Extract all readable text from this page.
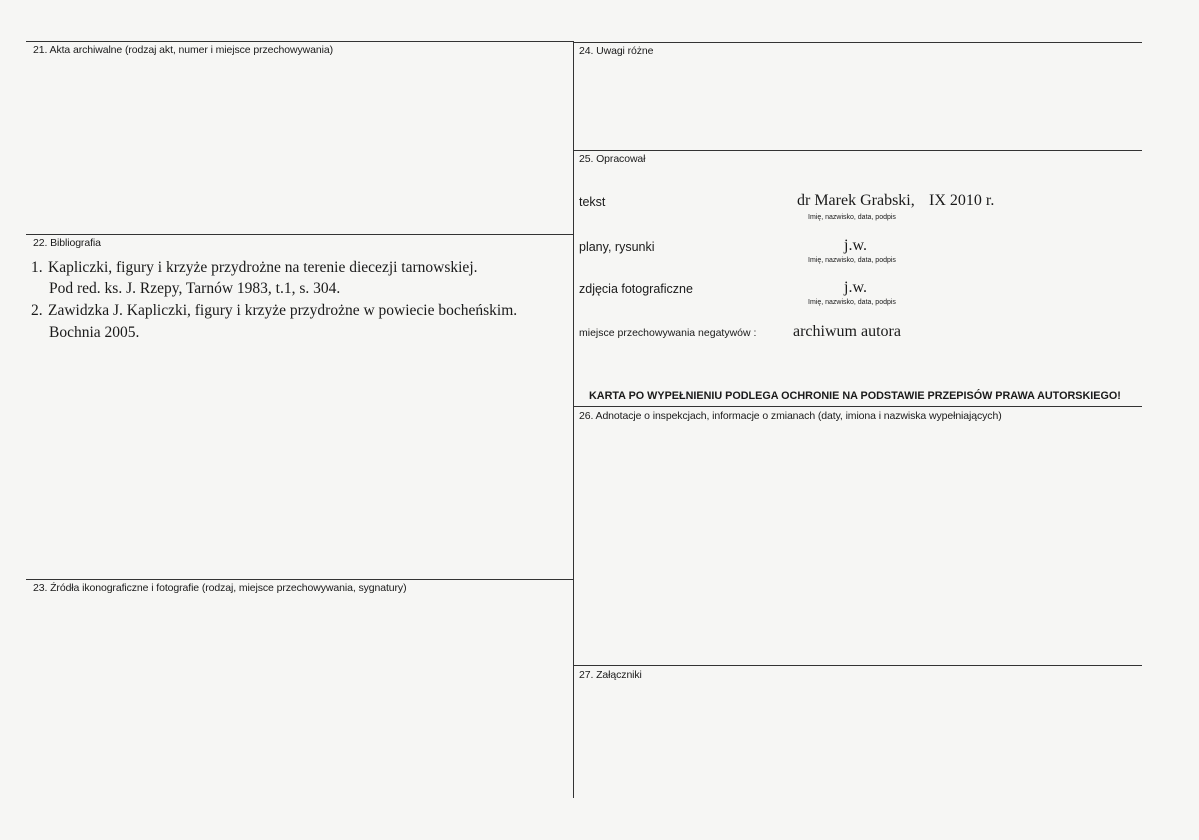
21. Akta archiwalne (rodzaj akt, numer i miejsce przechowywania)
22. Bibliografia
1. Kapliczki, figury i krzyże przydrożne na terenie diecezji tarnowskiej.
Pod red. ks. J. Rzepy, Tarnów 1983, t.1, s. 304.
2. Zawidzka J. Kapliczki, figury i krzyże przydrożne w powiecie bocheńskim.
Bochnia 2005.
23. Źródła ikonograficzne i fotografie (rodzaj, miejsce przechowywania, sygnatury)
24. Uwagi różne
25. Opracował
tekst	dr Marek Grabski, IX 2010 r.
Imię, nazwisko, data, podpis
plany, rysunki	j.w.
Imię, nazwisko, data, podpis
zdjęcia fotograficzne	j.w.
Imię, nazwisko, data, podpis
miejsce przechowywania negatywów : archiwum autora
KARTA PO WYPEŁNIENIU PODLEGA OCHRONIE NA PODSTAWIE PRZEPISÓW PRAWA AUTORSKIEGO!
26. Adnotacje o inspekcjach, informacje o zmianach (daty, imiona i nazwiska wypełniających)
27. Załączniki
